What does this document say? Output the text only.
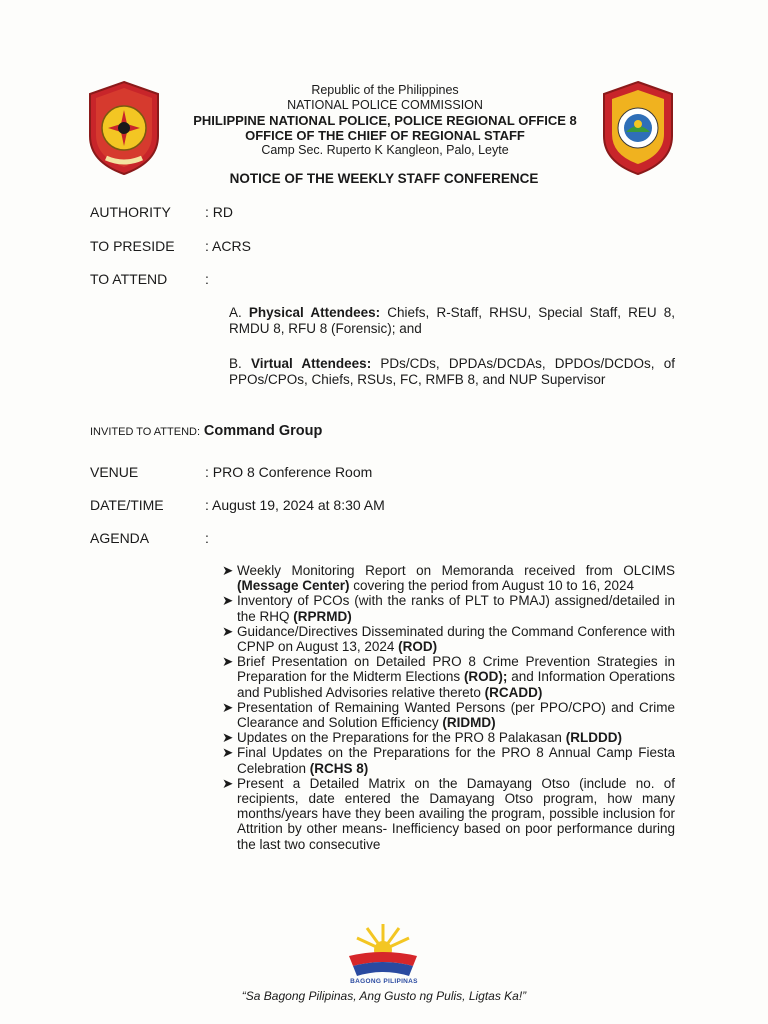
Republic of the Philippines
NATIONAL POLICE COMMISSION
PHILIPPINE NATIONAL POLICE, POLICE REGIONAL OFFICE 8
OFFICE OF THE CHIEF OF REGIONAL STAFF
Camp Sec. Ruperto K Kangleon, Palo, Leyte
NOTICE OF THE WEEKLY STAFF CONFERENCE
AUTHORITY : RD
TO PRESIDE : ACRS
TO ATTEND	:
A. Physical Attendees: Chiefs, R-Staff, RHSU, Special Staff, REU 8, RMDU 8, RFU 8 (Forensic); and
B. Virtual Attendees: PDs/CDs, DPDAs/DCDAs, DPDOs/DCDOs, of PPOs/CPOs, Chiefs, RSUs, FC, RMFB 8, and NUP Supervisor
INVITED TO ATTEND: Command Group
VENUE	: PRO 8 Conference Room
DATE/TIME	: August 19, 2024 at 8:30 AM
AGENDA	:
➤ Weekly Monitoring Report on Memoranda received from OLCIMS (Message Center) covering the period from August 10 to 16, 2024
➤ Inventory of PCOs (with the ranks of PLT to PMAJ) assigned/detailed in the RHQ (RPRMD)
➤ Guidance/Directives Disseminated during the Command Conference with CPNP on August 13, 2024 (ROD)
➤ Brief Presentation on Detailed PRO 8 Crime Prevention Strategies in Preparation for the Midterm Elections (ROD); and Information Operations and Published Advisories relative thereto (RCADD)
➤ Presentation of Remaining Wanted Persons (per PPO/CPO) and Crime Clearance and Solution Efficiency (RIDMD)
➤ Updates on the Preparations for the PRO 8 Palakasan (RLDDD)
➤ Final Updates on the Preparations for the PRO 8 Annual Camp Fiesta Celebration (RCHS 8)
➤ Present a Detailed Matrix on the Damayang Otso (include no. of recipients, date entered the Damayang Otso program, how many months/years have they been availing the program, possible inclusion for Attrition by other means- Inefficiency based on poor performance during the last two consecutive
BAGONG PILIPINAS
“Sa Bagong Pilipinas, Ang Gusto ng Pulis, Ligtas Ka!”
